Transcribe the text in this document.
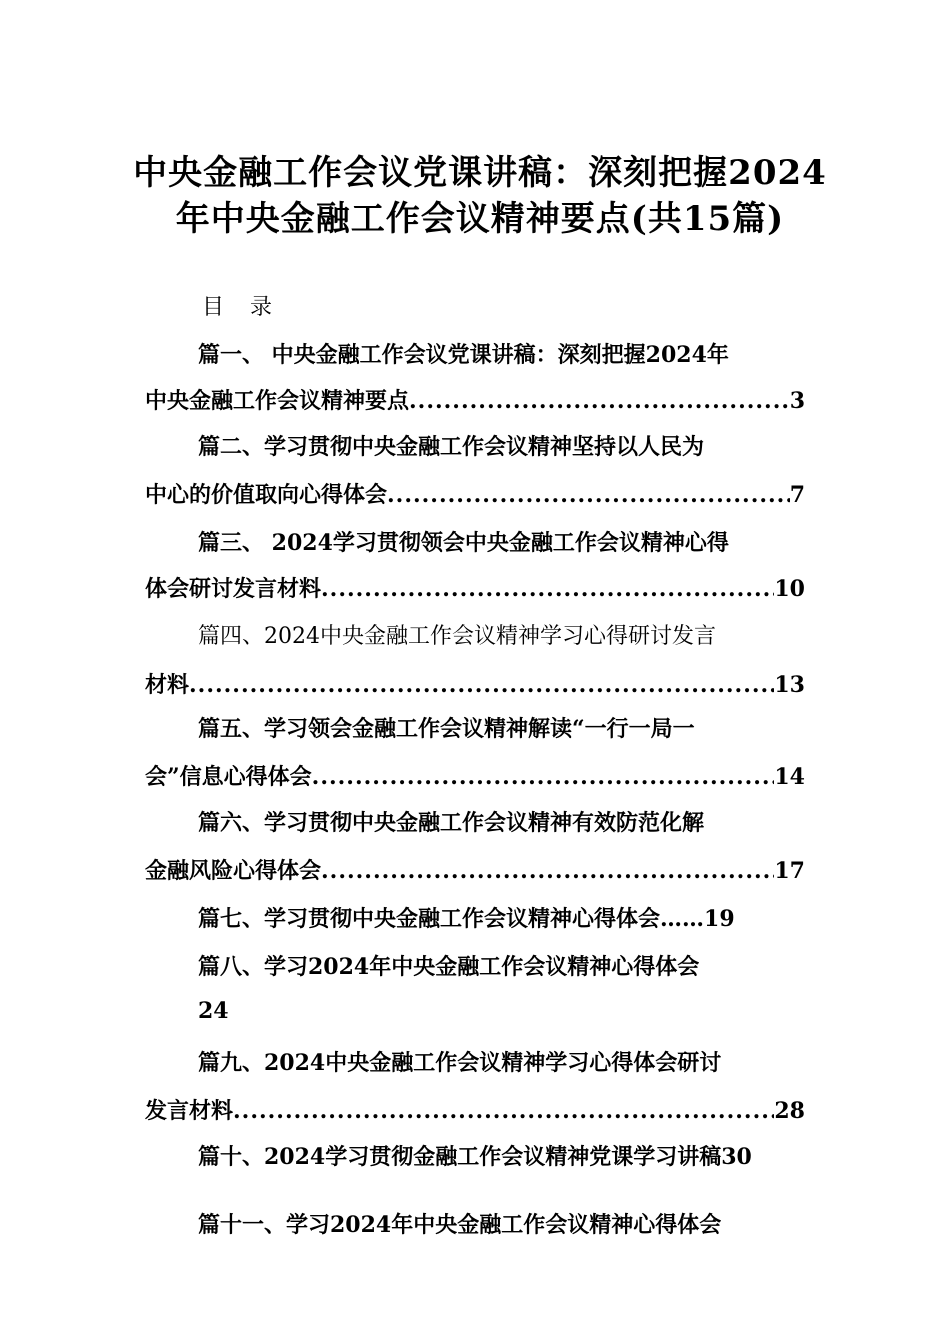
中央金融工作会议党课讲稿：深刻把握2024年中央金融工作会议精神要点(共15篇)
目录
篇一、 中央金融工作会议党课讲稿：深刻把握2024年
中央金融工作会议精神要点 .....	3
篇二、学习贯彻中央金融工作会议精神坚持以人民为
中心的价值取向心得体会 .....	7
篇三、 2024学习贯彻领会中央金融工作会议精神心得
体会研讨发言材料 .....	10
篇四、2024中央金融工作会议精神学习心得研讨发言
材料 .....	13
篇五、学习领会金融工作会议精神解读“一行一局一
会”信息心得体会 .....	14
篇六、学习贯彻中央金融工作会议精神有效防范化解
金融风险心得体会 .....	17
篇七、学习贯彻中央金融工作会议精神心得体会……19
篇八、学习2024年中央金融工作会议精神心得体会
24
篇九、2024中央金融工作会议精神学习心得体会研讨
发言材料 .....	28
篇十、2024学习贯彻金融工作会议精神党课学习讲稿30
篇十一、学习2024年中央金融工作会议精神心得体会
